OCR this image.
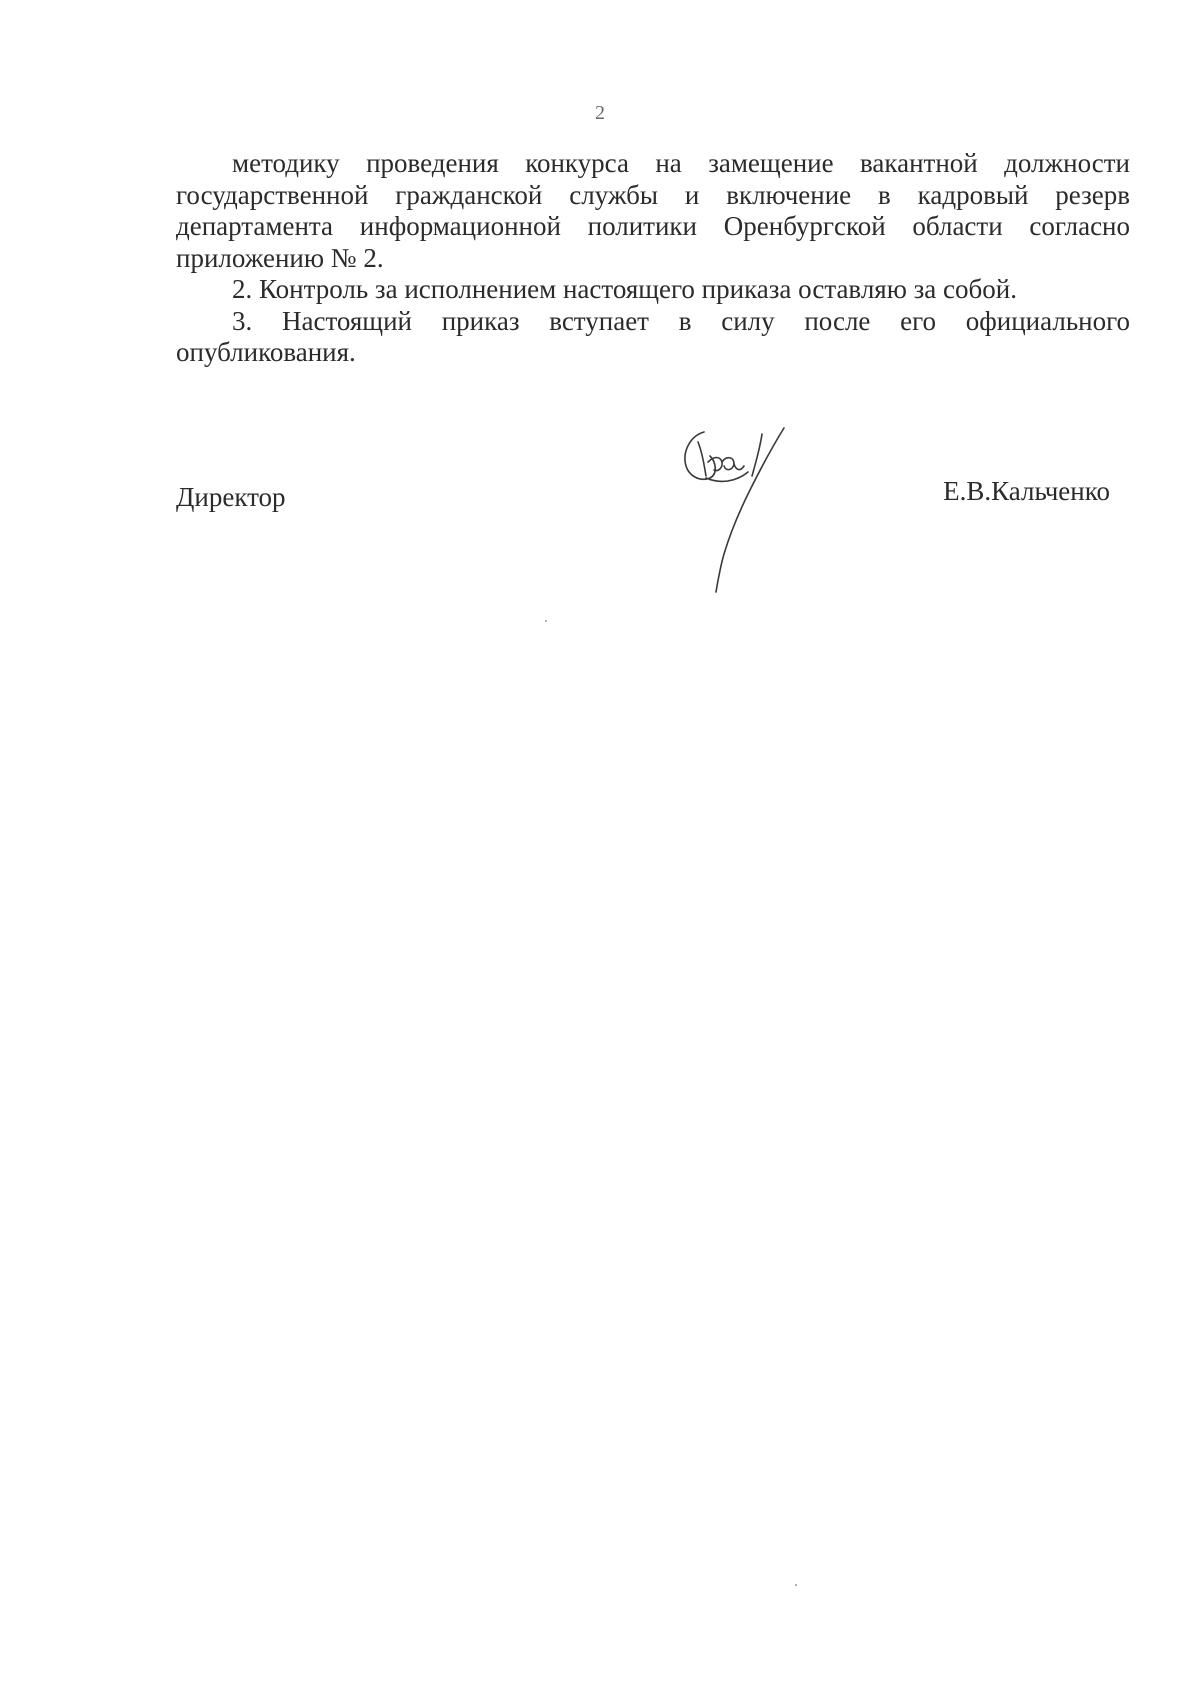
2

методику проведения конкурса на замещение вакантной должности государственной гражданской службы и включение в кадровый резерв департамента информационной политики Оренбургской области согласно приложению № 2.

2. Контроль за исполнением настоящего приказа оставляю за собой.

3. Настоящий приказ вступает в силу после его официального опубликования.

Директор	Е.В.Кальченко
